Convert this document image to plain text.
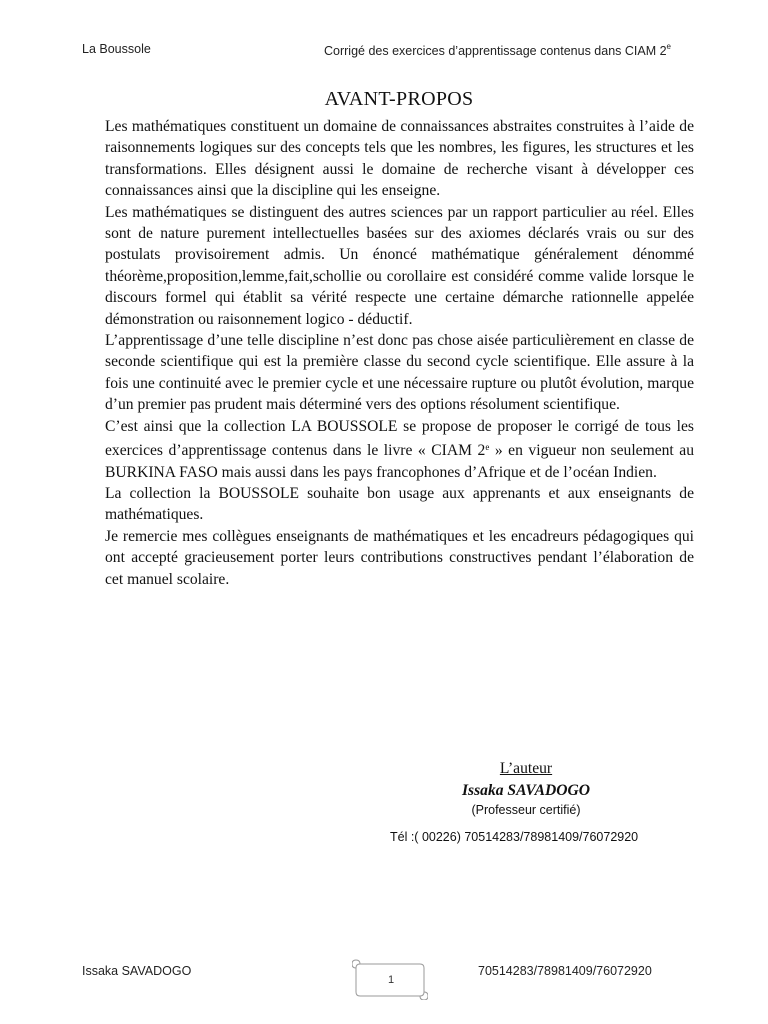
La Boussole	Corrigé des exercices d’apprentissage contenus dans CIAM 2e
AVANT-PROPOS

Les mathématiques constituent un domaine de connaissances abstraites construites à l’aide de raisonnements logiques sur des concepts tels que les nombres, les figures, les structures et les transformations. Elles désignent aussi le domaine de recherche visant à développer ces connaissances ainsi que la discipline qui les enseigne.

Les mathématiques se distinguent des autres sciences par un rapport particulier au réel. Elles sont de nature purement intellectuelles basées sur des axiomes déclarés vrais ou sur des postulats provisoirement admis. Un énoncé mathématique généralement dénommé théorème,proposition,lemme,fait,schollie ou corollaire est considéré comme valide lorsque le discours formel qui établit sa vérité respecte une certaine démarche rationnelle appelée démonstration ou raisonnement logico - déductif.

L’apprentissage d’une telle discipline n’est donc pas chose aisée particulièrement en classe de seconde scientifique qui est la première classe du second cycle scientifique. Elle assure à la fois une continuité avec le premier cycle et une nécessaire rupture ou plutôt évolution, marque d’un premier pas prudent mais déterminé vers des options résolument scientifique.

C’est ainsi que la collection LA BOUSSOLE se propose de proposer le corrigé de tous les exercices d’apprentissage contenus dans le livre « CIAM 2e » en vigueur non seulement au BURKINA FASO mais aussi dans les pays francophones d’Afrique et de l’océan Indien.

La collection la BOUSSOLE souhaite bon usage aux apprenants et aux enseignants de mathématiques.

Je remercie mes collègues enseignants de mathématiques et les encadreurs pédagogiques qui ont accepté gracieusement porter leurs contributions constructives pendant l’élaboration de cet manuel scolaire.

L’auteur
Issaka SAVADOGO
(Professeur certifié)
Tél :( 00226) 70514283/78981409/76072920
Issaka SAVADOGO
1
70514283/78981409/76072920
